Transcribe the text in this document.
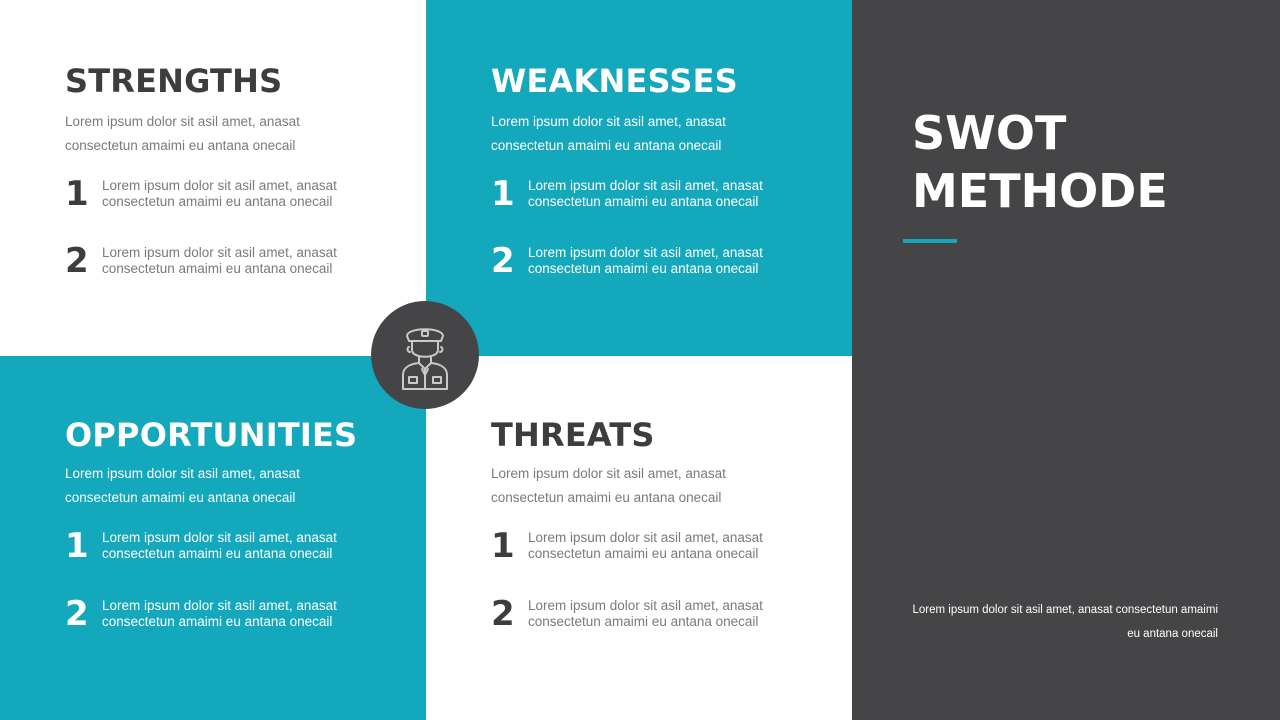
STRENGTHS

Lorem ipsum dolor sit asil amet, anasat consectetun amaimi eu antana onecail

1 Lorem ipsum dolor sit asil amet, anasat consectetun amaimi eu antana onecail
2 Lorem ipsum dolor sit asil amet, anasat consectetun amaimi eu antana onecail
WEAKNESSES

Lorem ipsum dolor sit asil amet, anasat consectetun amaimi eu antana onecail

1 Lorem ipsum dolor sit asil amet, anasat consectetun amaimi eu antana onecail
2 Lorem ipsum dolor sit asil amet, anasat consectetun amaimi eu antana onecail
OPPORTUNITIES

Lorem ipsum dolor sit asil amet, anasat consectetun amaimi eu antana onecail

1 Lorem ipsum dolor sit asil amet, anasat consectetun amaimi eu antana onecail
2 Lorem ipsum dolor sit asil amet, anasat consectetun amaimi eu antana onecail
THREATS

Lorem ipsum dolor sit asil amet, anasat consectetun amaimi eu antana onecail

1 Lorem ipsum dolor sit asil amet, anasat consectetun amaimi eu antana onecail
2 Lorem ipsum dolor sit asil amet, anasat consectetun amaimi eu antana onecail
SWOT
METHODE

Lorem ipsum dolor sit asil amet, anasat consectetun amaimi eu antana onecail
